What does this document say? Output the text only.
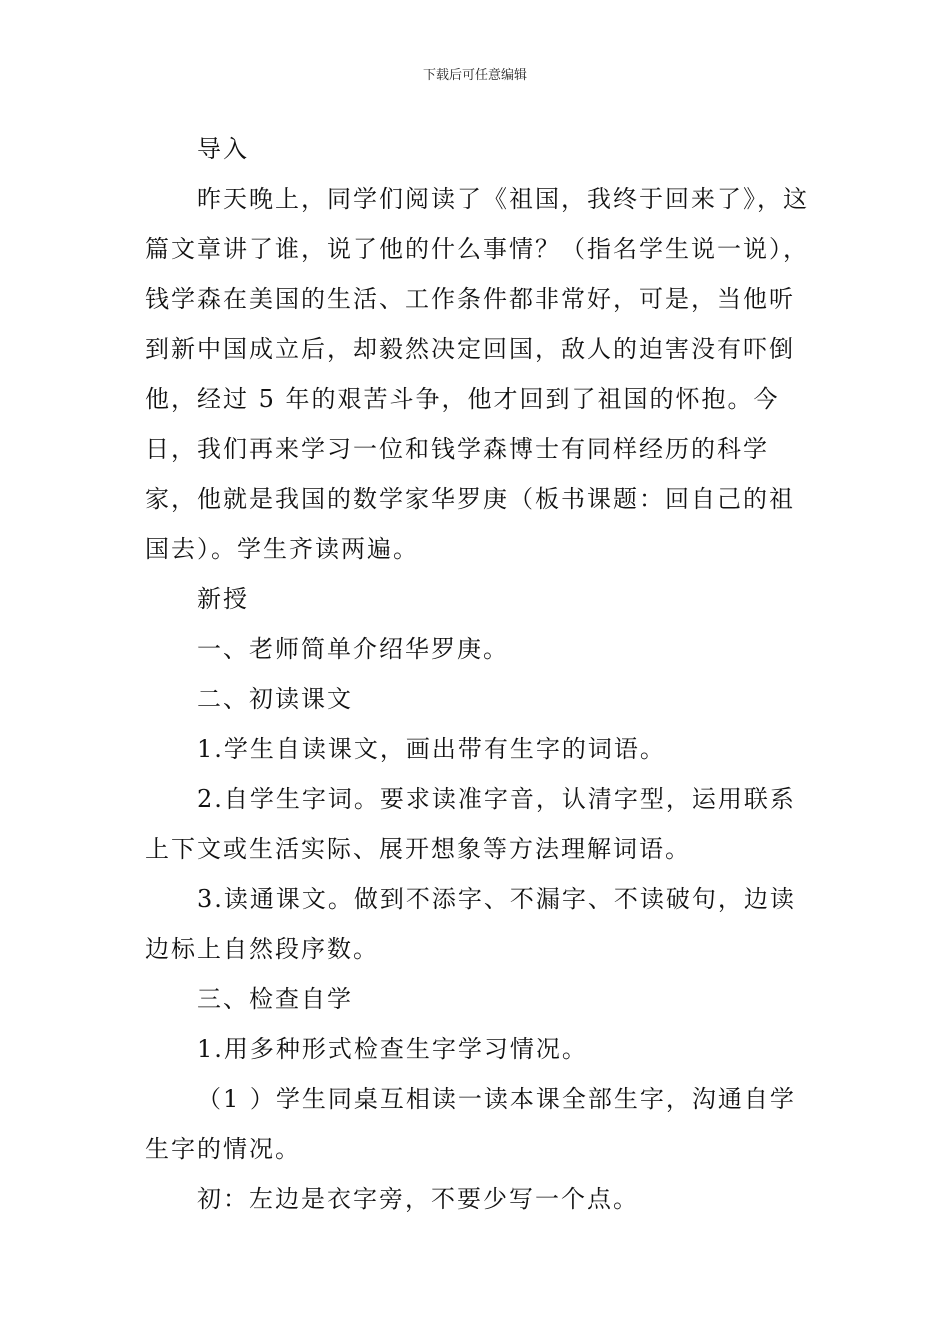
下载后可任意编辑

导入

昨天晚上，同学们阅读了《祖国，我终于回来了》，这篇文章讲了谁，说了他的什么事情？（指名学生说一说），钱学森在美国的生活、工作条件都非常好，可是，当他听到新中国成立后，却毅然决定回国，敌人的迫害没有吓倒他，经过 5 年的艰苦斗争，他才回到了祖国的怀抱。今日，我们再来学习一位和钱学森博士有同样经历的科学家，他就是我国的数学家华罗庚（板书课题：回自己的祖国去）。学生齐读两遍。

新授

一、老师简单介绍华罗庚。

二、初读课文

1.学生自读课文，画出带有生字的词语。

2.自学生字词。要求读准字音，认清字型，运用联系上下文或生活实际、展开想象等方法理解词语。

3.读通课文。做到不添字、不漏字、不读破句，边读边标上自然段序数。

三、检查自学

1.用多种形式检查生字学习情况。

（1 ）学生同桌互相读一读本课全部生字，沟通自学生字的情况。

初：左边是衣字旁，不要少写一个点。
